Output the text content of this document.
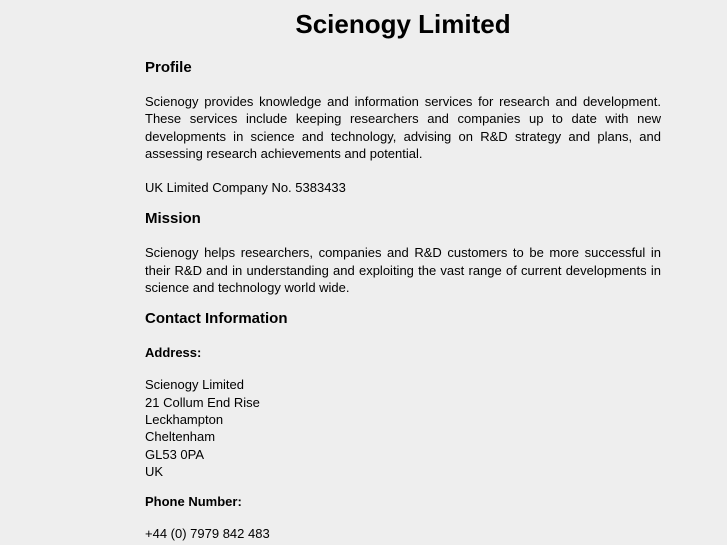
Scienogy Limited
Profile

Scienogy provides knowledge and information services for research and development. These services include keeping researchers and companies up to date with new developments in science and technology, advising on R&D strategy and plans, and assessing research achievements and potential.

UK Limited Company No. 5383433

Mission

Scienogy helps researchers, companies and R&D customers to be more successful in their R&D and in understanding and exploiting the vast range of current developments in science and technology world wide.

Contact Information

Address:

Scienogy Limited

21 Collum End Rise

Leckhampton

Cheltenham

GL53 0PA

UK

Phone Number:

+44 (0) 7979 842 483
